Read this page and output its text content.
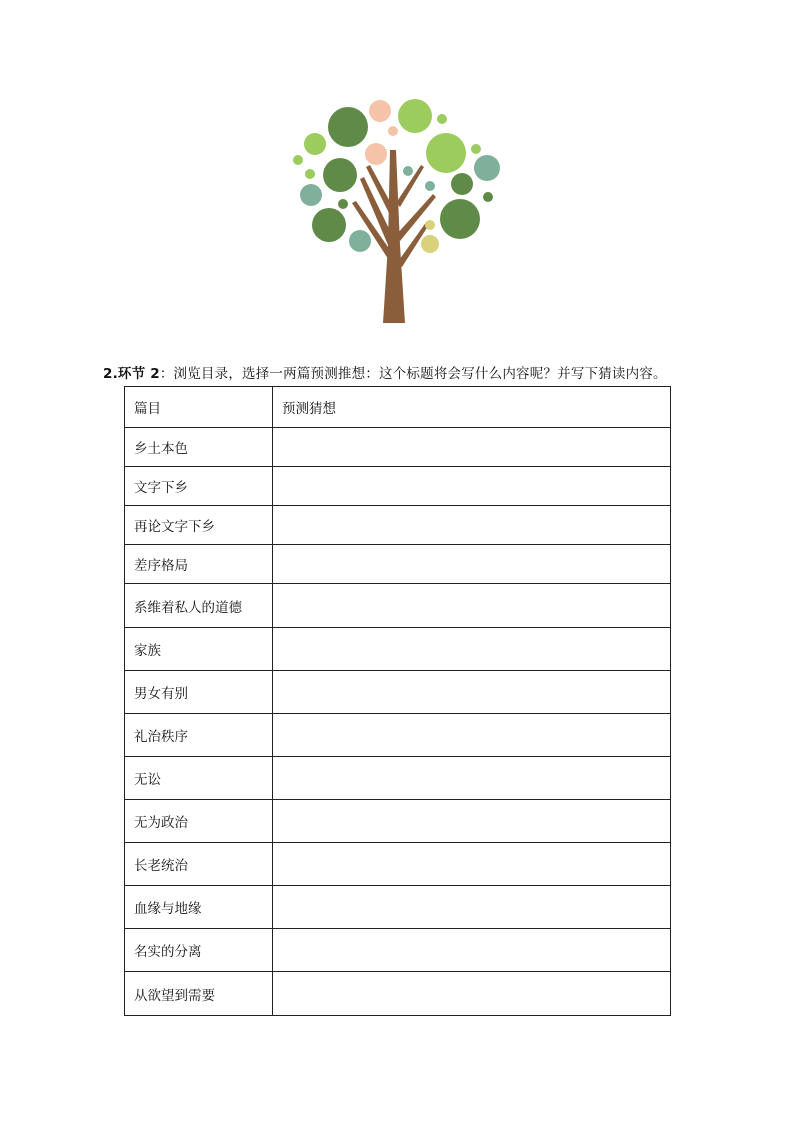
2.环节 2：浏览目录，选择一两篇预测推想：这个标题将会写什么内容呢？并写下猜读内容。
篇目	预测猜想
乡土本色	
文字下乡	
再论文字下乡	
差序格局	
系维着私人的道德	
家族	
男女有别	
礼治秩序	
无讼	
无为政治	
长老统治	
血缘与地缘	
名实的分离	
从欲望到需要	
